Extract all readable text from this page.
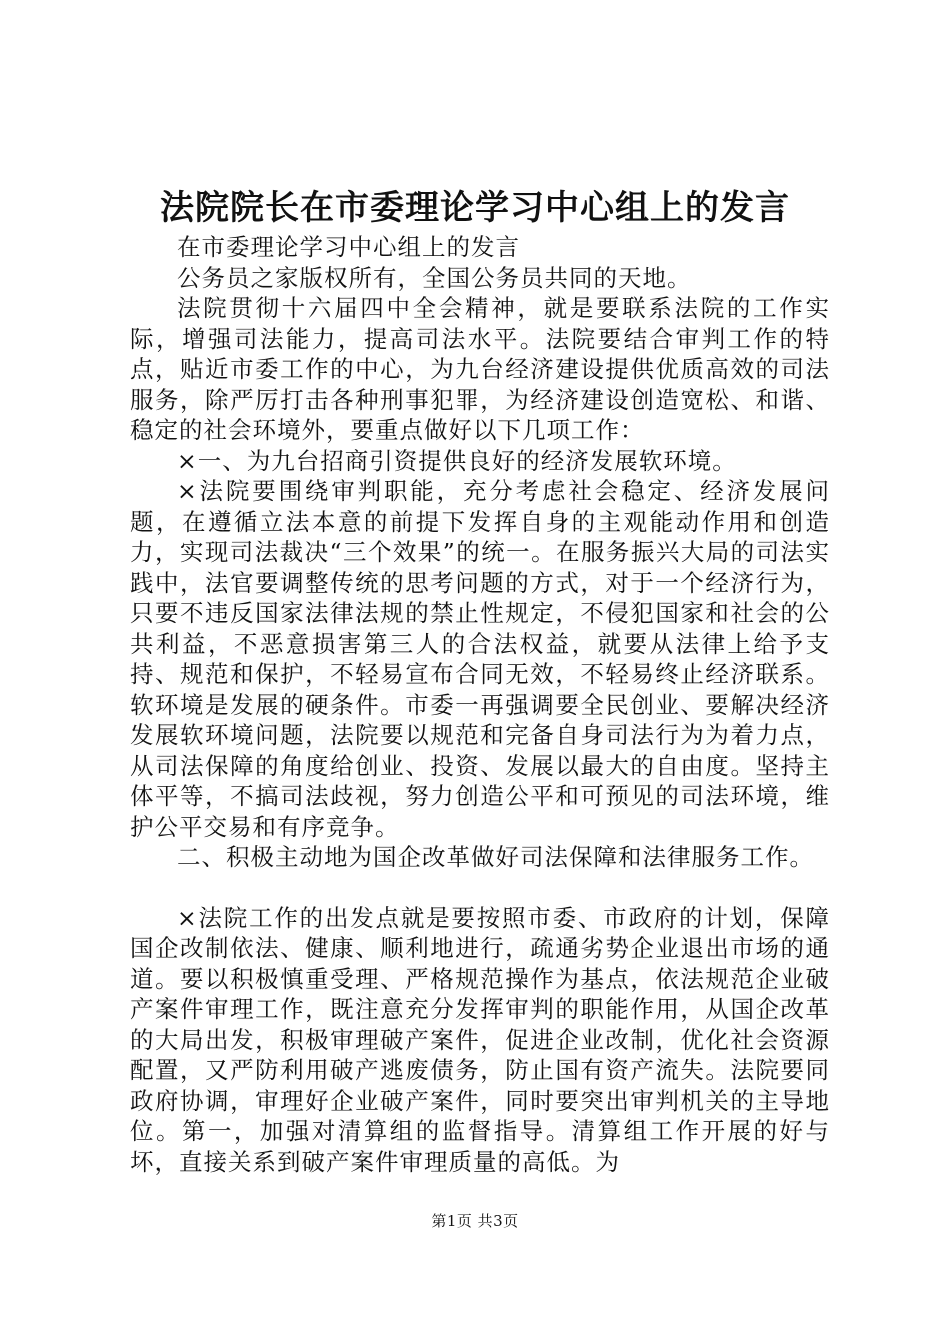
法院院长在市委理论学习中心组上的发言

在市委理论学习中心组上的发言

公务员之家版权所有，全国公务员共同的天地。

法院贯彻十六届四中全会精神，就是要联系法院的工作实际，增强司法能力，提高司法水平。法院要结合审判工作的特点，贴近市委工作的中心，为九台经济建设提供优质高效的司法服务，除严厉打击各种刑事犯罪，为经济建设创造宽松、和谐、稳定的社会环境外，要重点做好以下几项工作：

×一、为九台招商引资提供良好的经济发展软环境。

×法院要围绕审判职能，充分考虑社会稳定、经济发展问题，在遵循立法本意的前提下发挥自身的主观能动作用和创造力，实现司法裁决“三个效果”的统一。在服务振兴大局的司法实践中，法官要调整传统的思考问题的方式，对于一个经济行为，只要不违反国家法律法规的禁止性规定，不侵犯国家和社会的公共利益，不恶意损害第三人的合法权益，就要从法律上给予支持、规范和保护，不轻易宣布合同无效，不轻易终止经济联系。软环境是发展的硬条件。市委一再强调要全民创业、要解决经济发展软环境问题，法院要以规范和完备自身司法行为为着力点，从司法保障的角度给创业、投资、发展以最大的自由度。坚持主体平等，不搞司法歧视，努力创造公平和可预见的司法环境，维护公平交易和有序竞争。

二、积极主动地为国企改革做好司法保障和法律服务工作。

×法院工作的出发点就是要按照市委、市政府的计划，保障国企改制依法、健康、顺利地进行，疏通劣势企业退出市场的通道。要以积极慎重受理、严格规范操作为基点，依法规范企业破产案件审理工作，既注意充分发挥审判的职能作用，从国企改革的大局出发，积极审理破产案件，促进企业改制，优化社会资源配置，又严防利用破产逃废债务，防止国有资产流失。法院要同政府协调，审理好企业破产案件，同时要突出审判机关的主导地位。第一，加强对清算组的监督指导。清算组工作开展的好与坏，直接关系到破产案件审理质量的高低。为

第1页 共3页
